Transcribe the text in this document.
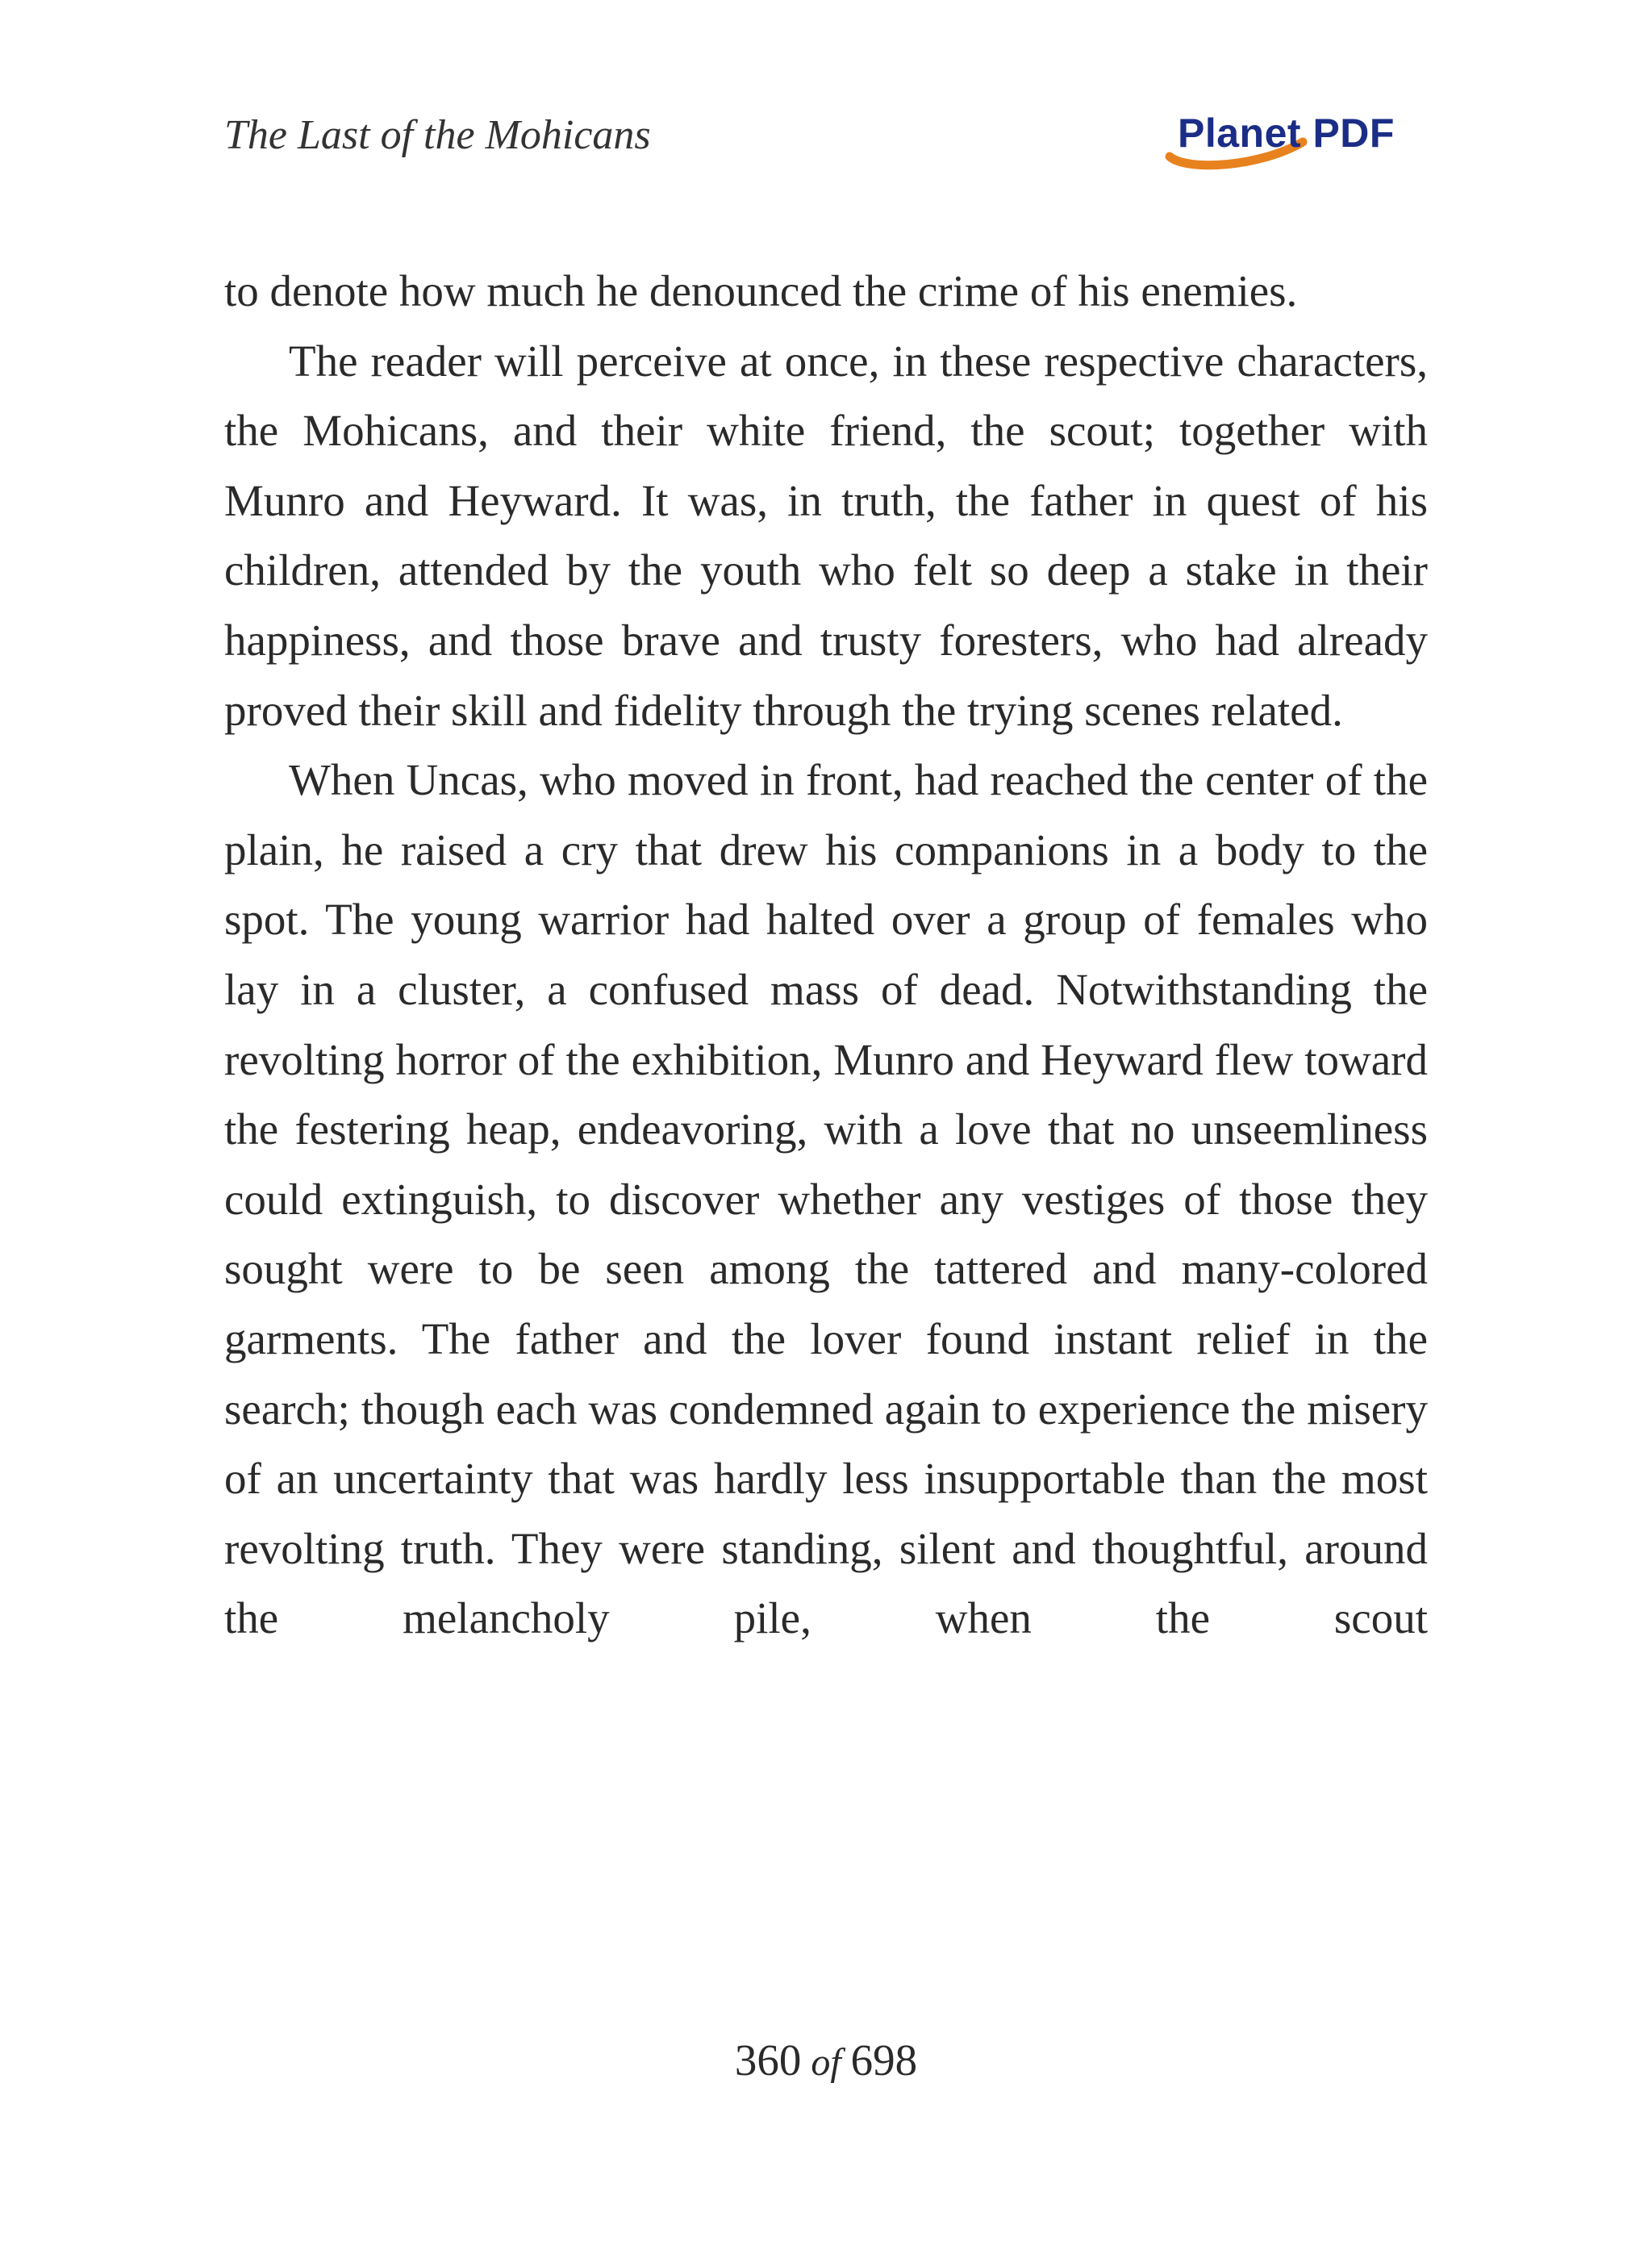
The Last of the Mohicans	Planet PDF

to denote how much he denounced the crime of his enemies.

The reader will perceive at once, in these respective characters, the Mohicans, and their white friend, the scout; together with Munro and Heyward. It was, in truth, the father in quest of his children, attended by the youth who felt so deep a stake in their happiness, and those brave and trusty foresters, who had already proved their skill and fidelity through the trying scenes related.

When Uncas, who moved in front, had reached the center of the plain, he raised a cry that drew his companions in a body to the spot. The young warrior had halted over a group of females who lay in a cluster, a confused mass of dead. Notwithstanding the revolting horror of the exhibition, Munro and Heyward flew toward the festering heap, endeavoring, with a love that no unseemliness could extinguish, to discover whether any vestiges of those they sought were to be seen among the tattered and many-colored garments. The father and the lover found instant relief in the search; though each was condemned again to experience the misery of an uncertainty that was hardly less insupportable than the most revolting truth. They were standing, silent and thoughtful, around the melancholy pile, when the scout

360 of 698
